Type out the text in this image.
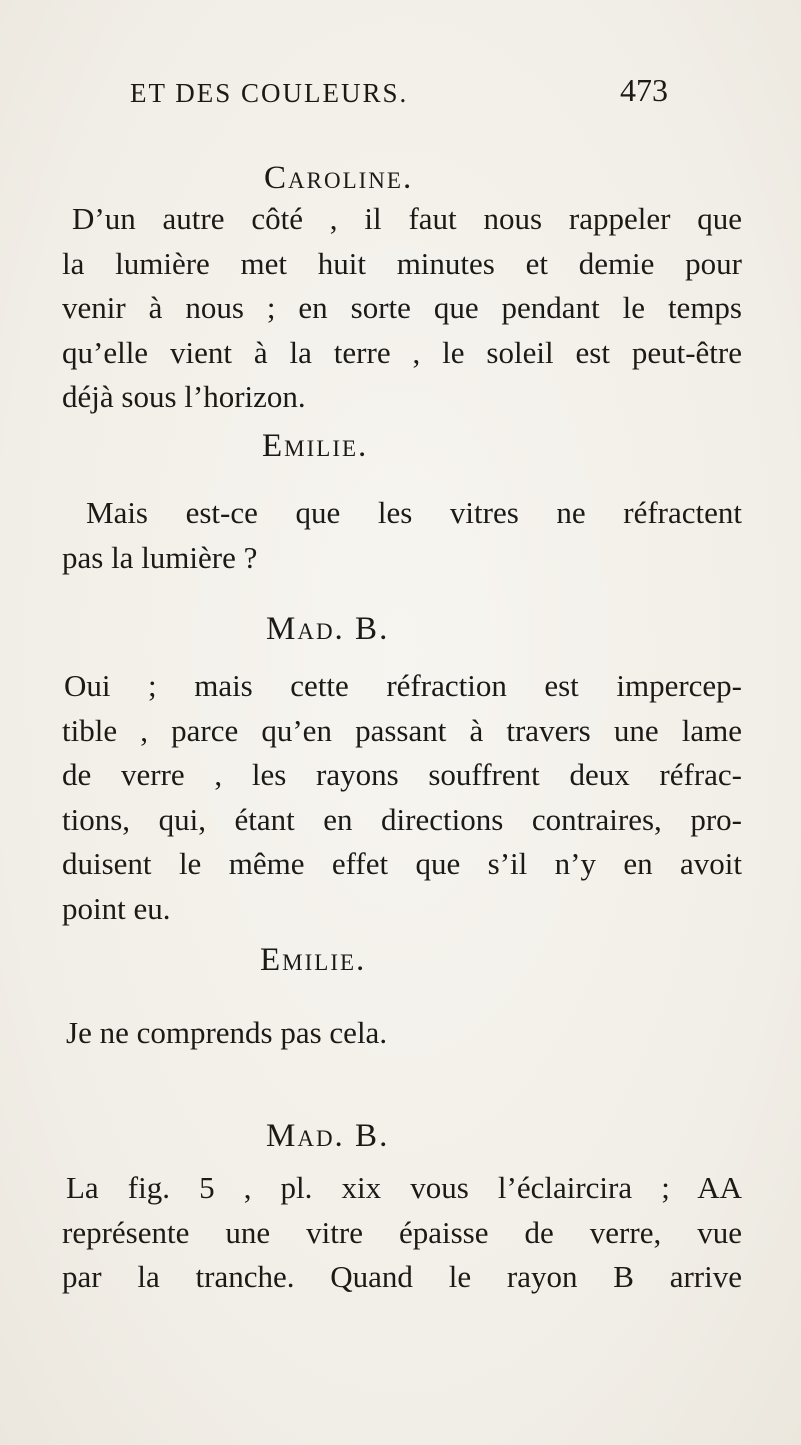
ET DES COULEURS.	473
Caroline.
D’un autre côté , il faut nous rappeler que
la lumière met huit minutes et demie pour
venir à nous ; en sorte que pendant le temps
qu’elle vient à la terre , le soleil est peut-être
déjà sous l’horizon.
Emilie.
Mais est-ce que les vitres ne réfractent
pas la lumière ?
Mad. B.
Oui ; mais cette réfraction est impercep-
tible , parce qu’en passant à travers une lame
de verre , les rayons souffrent deux réfrac-
tions, qui, étant en directions contraires, pro-
duisent le même effet que s’il n’y en avoit
point eu.
Emilie.
Je ne comprends pas cela.
Mad. B.
La fig. 5 , pl. xix vous l’éclaircira ; AA
représente une vitre épaisse de verre, vue
par la tranche. Quand le rayon B arrive
